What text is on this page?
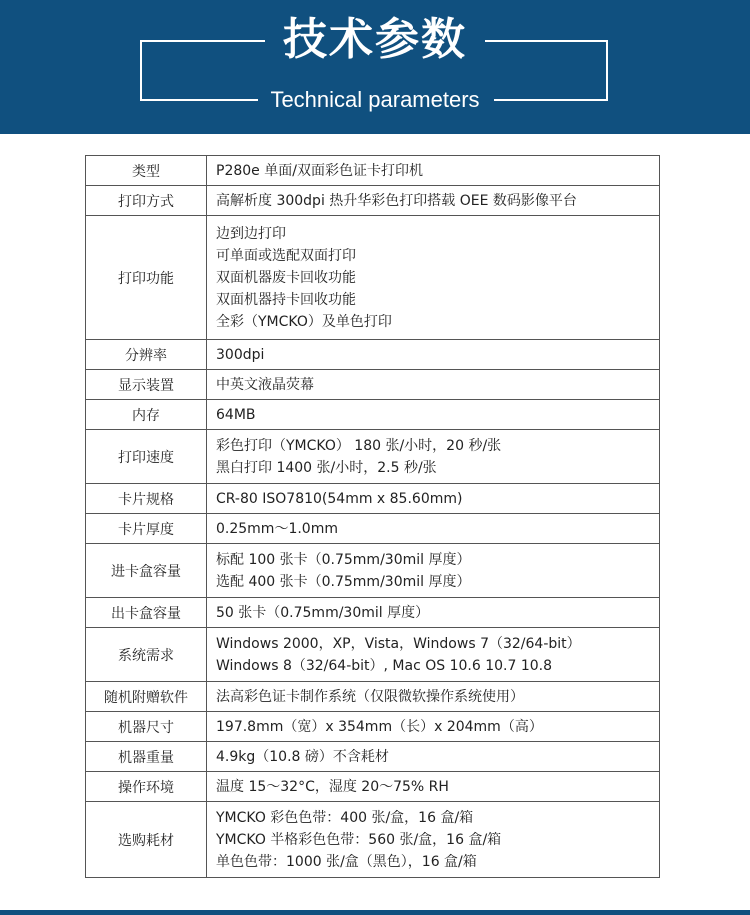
技术参数
Technical parameters
类型	P280e 单面/双面彩色证卡打印机

打印方式	高解析度 300dpi 热升华彩色打印搭载 OEE 数码影像平台

打印功能	边到边打印
可单面或选配双面打印
双面机器废卡回收功能
双面机器持卡回收功能
全彩（YMCKO）及单色打印

分辨率	300dpi

显示装置	中英文液晶荧幕

内存	64MB

打印速度	彩色打印（YMCKO） 180 张/小时，20 秒/张
黑白打印 1400 张/小时，2.5 秒/张

卡片规格	CR-80 ISO7810(54mm x 85.60mm)

卡片厚度	0.25mm～1.0mm

进卡盒容量	标配 100 张卡（0.75mm/30mil 厚度）
选配 400 张卡（0.75mm/30mil 厚度）

出卡盒容量	50 张卡（0.75mm/30mil 厚度）

系统需求	Windows 2000，XP，Vista，Windows 7（32/64-bit）
Windows 8（32/64-bit）, Mac OS 10.6 10.7 10.8

随机附赠软件	法高彩色证卡制作系统（仅限微软操作系统使用）

机器尺寸	197.8mm（宽）x 354mm（长）x 204mm（高）

机器重量	4.9kg（10.8 磅）不含耗材

操作环境	温度 15～32°C，湿度 20～75% RH

选购耗材	YMCKO 彩色色带：400 张/盒，16 盒/箱
YMCKO 半格彩色色带：560 张/盒，16 盒/箱
单色色带：1000 张/盒（黑色），16 盒/箱
